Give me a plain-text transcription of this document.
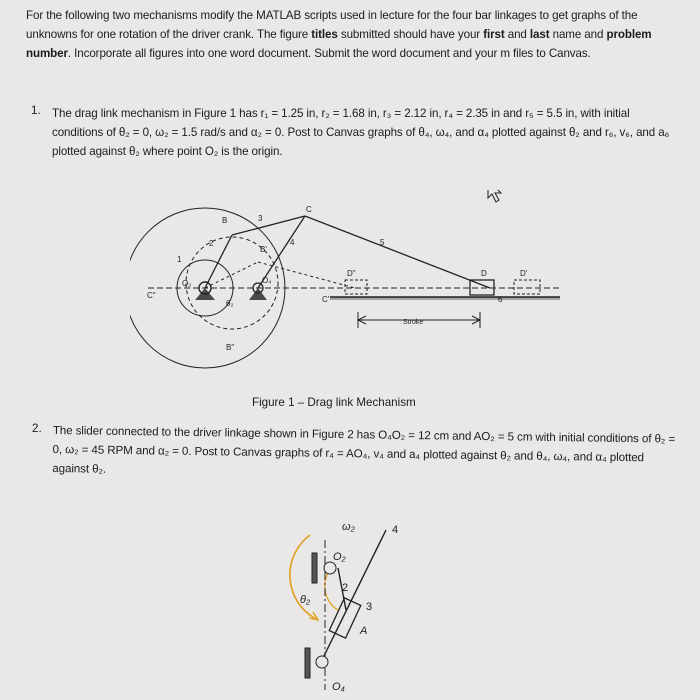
For the following two mechanisms modify the MATLAB scripts used in lecture for the four bar linkages to get graphs of the unknowns for one rotation of the driver crank. The figure titles submitted should have your first and last name and problem number. Incorporate all figures into one word document. Submit the word document and your m files to Canvas.
1. The drag link mechanism in Figure 1 has r₁ = 1.25 in, r₂ = 1.68 in, r₃ = 2.12 in, r₄ = 2.35 in and r₅ = 5.5 in, with initial conditions of θ₂ = 0, ω₂ = 1.5 rad/s and α₂ = 0. Post to Canvas graphs of θ₄, ω₄, and α₄ plotted against θ₂ and r₆, v₆, and a₆ plotted against θ₂ where point O₂ is the origin.
B	3
C
2
B'
4	5
1
O₂	O₄
θ₂	C'
C"
D"	D	D'
6
B"
Stroke
Figure 1 – Drag link Mechanism
2. The slider connected to the driver linkage shown in Figure 2 has O₄O₂ = 12 cm and AO₂ = 5 cm with initial conditions of θ₂ = 0, ω₂ = 45 RPM and α₂ = 0. Post to Canvas graphs of r₄ = AO₄, v₄ and a₄ plotted against θ₂ and θ₄, ω₄, and α₄ plotted against θ₂.
ω₂	4
O₂
2
θ₂
3
A
O₄
